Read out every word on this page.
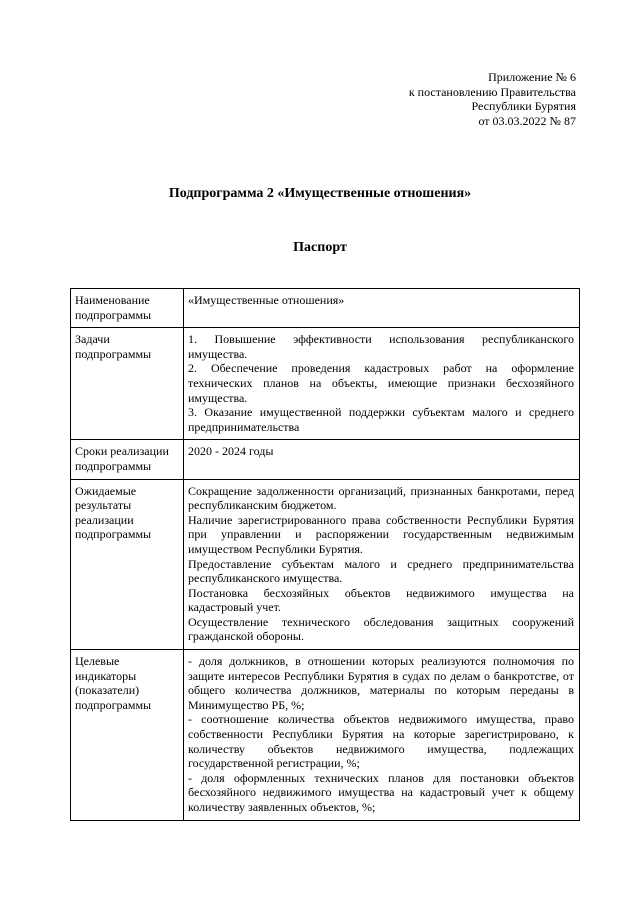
Приложение № 6
к постановлению Правительства
Республики Бурятия
от 03.03.2022 № 87
Подпрограмма 2 «Имущественные отношения»
Паспорт
Наименование подпрограммы	«Имущественные отношения»

Задачи подпрограммы	1. Повышение эффективности использования республиканского имущества.
2. Обеспечение проведения кадастровых работ на оформление технических планов на объекты, имеющие признаки бесхозяйного имущества.
3. Оказание имущественной поддержки субъектам малого и среднего предпринимательства

Сроки реализации подпрограммы	2020 - 2024 годы

Ожидаемые результаты реализации подпрограммы	Сокращение задолженности организаций, признанных банкротами, перед республиканским бюджетом.
Наличие зарегистрированного права собственности Республики Бурятия при управлении и распоряжении государственным недвижимым имуществом Республики Бурятия.
Предоставление субъектам малого и среднего предпринимательства республиканского имущества.
Постановка бесхозяйных объектов недвижимого имущества на кадастровый учет.
Осуществление технического обследования защитных сооружений гражданской обороны.

Целевые индикаторы (показатели) подпрограммы	- доля должников, в отношении которых реализуются полномочия по защите интересов Республики Бурятия в судах по делам о банкротстве, от общего количества должников, материалы по которым переданы в Минимущество РБ, %;
- соотношение количества объектов недвижимого имущества, право собственности Республики Бурятия на которые зарегистрировано, к количеству объектов недвижимого имущества, подлежащих государственной регистрации, %;
- доля оформленных технических планов для постановки объектов бесхозяйного недвижимого имущества на кадастровый учет к общему количеству заявленных объектов, %;
